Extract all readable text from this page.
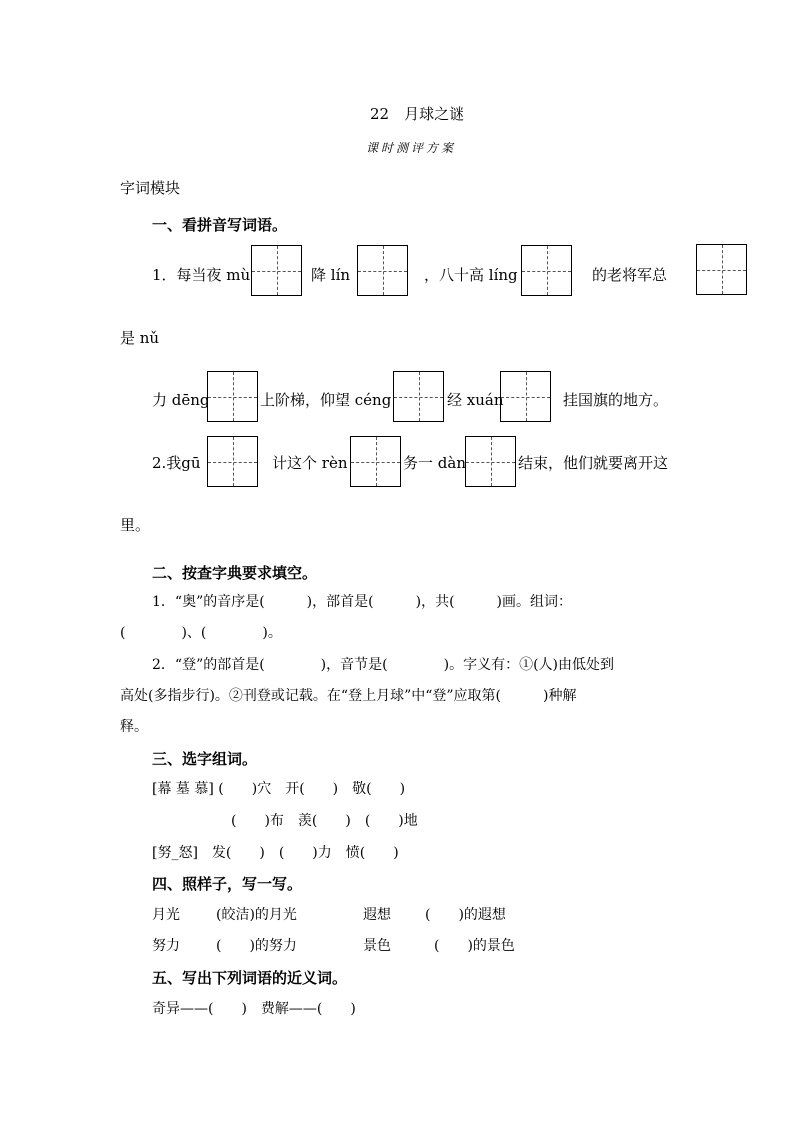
22　月球之谜
课时测评方案
字词模块
一、看拼音写词语。
1．每当夜 mù	降 lín	，八十高 líng	的老将军总
是 nǔ
力 dēng	上阶梯，仰望 céng	经 xuán	挂国旗的地方。
2.我gū	计这个 rèn	务一 dàn	结束，他们就要离开这
里。
二、按查字典要求填空。
1．“奥”的音序是(　　　)，部首是(　　　)，共(　　　)画。组词：
(　　　　)、(　　　　)。
2．“登”的部首是(　　　　)，音节是(　　　　)。字义有：①(人)由低处到
高处(多指步行)。②刊登或记载。在“登上月球”中“登”应取第(　　　)种解
释。
三、选字组词。
[幕 墓 慕] (　　)穴　开(　　)　敬(　　)
(　　)布　羡(　　)　(　　)地
[努_怒]　发(　　)　(　　)力　愤(　　)
四、照样子，写一写。
月光	(皎洁)的月光	遐想 (　　)的遐想
努力	(　　)的努力	景色	(　　)的景色
五、写出下列词语的近义词。
奇异——(　　)　费解——(　　)
